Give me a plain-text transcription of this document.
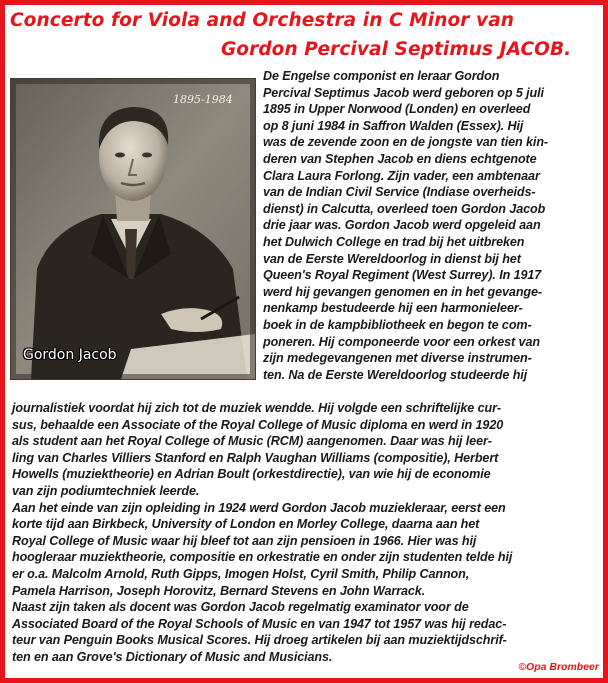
Concerto for Viola and Orchestra in C Minor van
Gordon Percival Septimus JACOB.
1895-1984
Gordon Jacob
De Engelse componist en leraar Gordon
Percival Septimus Jacob werd geboren op 5 juli
1895 in Upper Norwood (Londen) en overleed
op 8 juni 1984 in Saffron Walden (Essex). Hij
was de zevende zoon en de jongste van tien kin-
deren van Stephen Jacob en diens echtgenote
Clara Laura Forlong. Zijn vader, een ambtenaar
van de Indian Civil Service (Indiase overheids-
dienst) in Calcutta, overleed toen Gordon Jacob
drie jaar was. Gordon Jacob werd opgeleid aan
het Dulwich College en trad bij het uitbreken
van de Eerste Wereldoorlog in dienst bij het
Queen's Royal Regiment (West Surrey). In 1917
werd hij gevangen genomen en in het gevange-
nenkamp bestudeerde hij een harmonieleer-
boek in de kampbibliotheek en begon te com-
poneren. Hij componeerde voor een orkest van
zijn medegevangenen met diverse instrumen-
ten. Na de Eerste Wereldoorlog studeerde hij
journalistiek voordat hij zich tot de muziek wendde. Hij volgde een schriftelijke cur-
sus, behaalde een Associate of the Royal College of Music diploma en werd in 1920
als student aan het Royal College of Music (RCM) aangenomen. Daar was hij leer-
ling van Charles Villiers Stanford en Ralph Vaughan Williams (compositie), Herbert
Howells (muziektheorie) en Adrian Boult (orkestdirectie), van wie hij de economie
van zijn podiumtechniek leerde.
Aan het einde van zijn opleiding in 1924 werd Gordon Jacob muziekleraar, eerst een
korte tijd aan Birkbeck, University of London en Morley College, daarna aan het
Royal College of Music waar hij bleef tot aan zijn pensioen in 1966. Hier was hij
hoogleraar muziektheorie, compositie en orkestratie en onder zijn studenten telde hij
er o.a. Malcolm Arnold, Ruth Gipps, Imogen Holst, Cyril Smith, Philip Cannon,
Pamela Harrison, Joseph Horovitz, Bernard Stevens en John Warrack.
Naast zijn taken als docent was Gordon Jacob regelmatig examinator voor de
Associated Board of the Royal Schools of Music en van 1947 tot 1957 was hij redac-
teur van Penguin Books Musical Scores. Hij droeg artikelen bij aan muziektijdschrif-
ten en aan Grove's Dictionary of Music and Musicians.
©Opa Brombeer
